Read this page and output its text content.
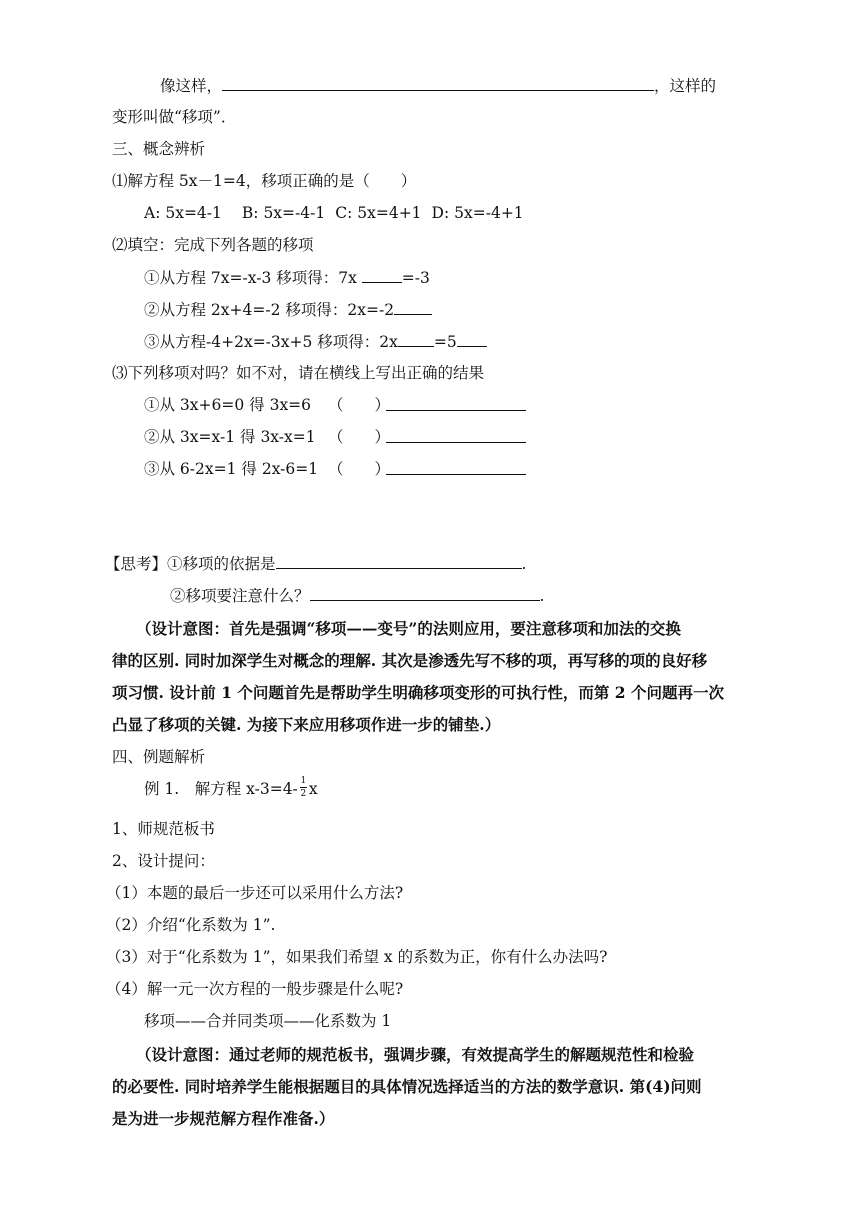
像这样，	，这样的
变形叫做“移项”．
三、概念辨析
⑴解方程 5x－1=4，移项正确的是（　　）
A: 5x=4-1 B: 5x=-4-1 C: 5x=4+1 D: 5x=-4+1
⑵填空：完成下列各题的移项
①从方程 7x=-x-3 移项得：7x	=-3
②从方程 2x+4=-2 移项得：2x=-2
③从方程-4+2x=-3x+5 移项得：2x =5
⑶下列移项对吗？如不对，请在横线上写出正确的结果
①从 3x+6=0 得 3x=6 （　　）
②从 3x=x-1 得 3x-x=1 （　　）
③从 6-2x=1 得 2x-6=1 （　　）
【思考】①移项的依据是	.
②移项要注意什么？	.
（设计意图：首先是强调“移项——变号”的法则应用，要注意移项和加法的交换
律的区别. 同时加深学生对概念的理解. 其次是渗透先写不移的项，再写移的项的良好移
项习惯. 设计前 1 个问题首先是帮助学生明确移项变形的可执行性，而第 2 个问题再一次
凸显了移项的关键. 为接下来应用移项作进一步的铺垫.）
四、例题解析
例 1.　解方程 $x-3=4- \frac{1}{2}$ x
1、师规范板书
2、设计提问：
（1）本题的最后一步还可以采用什么方法?
（2）介绍“化系数为 1”.
（3）对于“化系数为 1”，如果我们希望 x 的系数为正，你有什么办法吗?
（4）解一元一次方程的一般步骤是什么呢?
移项——合并同类项——化系数为 1
（设计意图：通过老师的规范板书，强调步骤，有效提高学生的解题规范性和检验
的必要性. 同时培养学生能根据题目的具体情况选择适当的方法的数学意识. 第(4)问则
是为进一步规范解方程作准备.）
